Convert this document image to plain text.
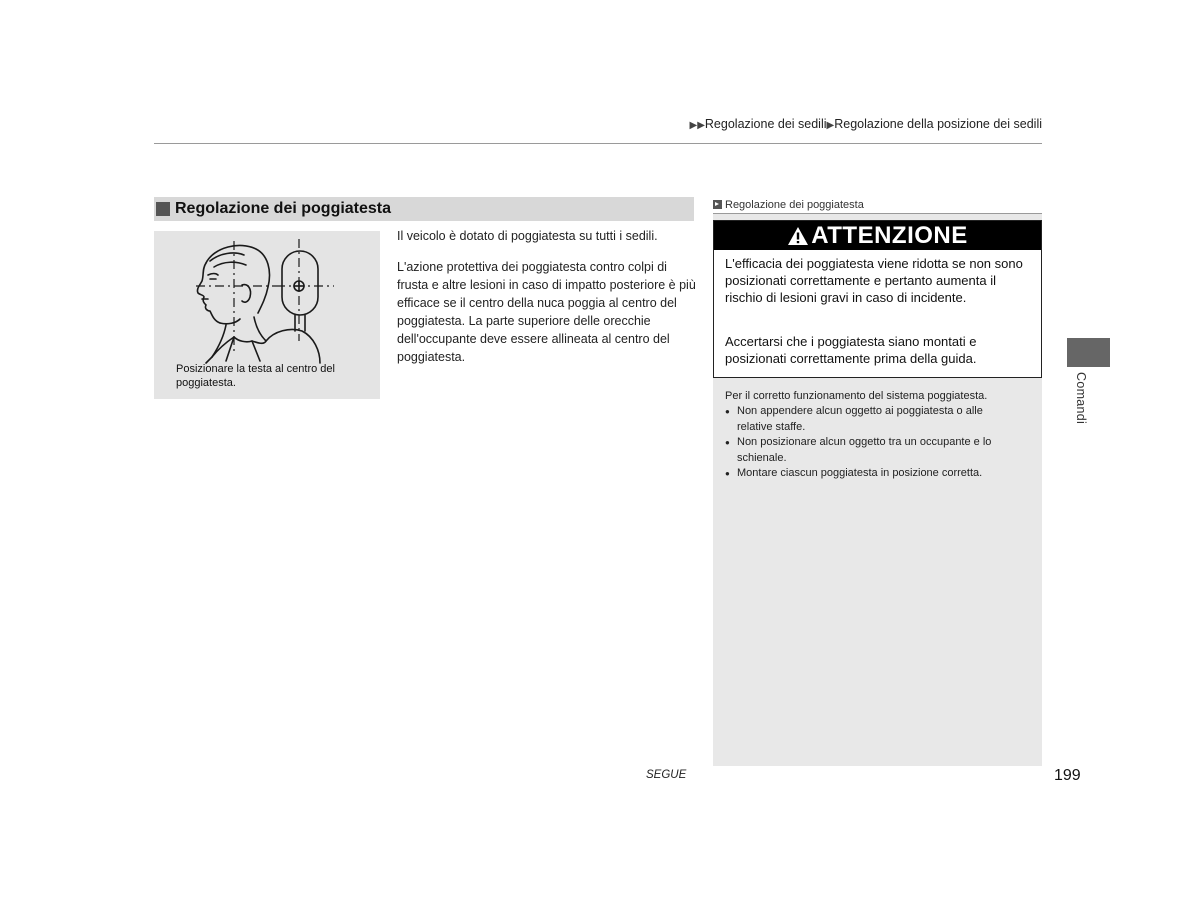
▶▶Regolazione dei sedili▶Regolazione della posizione dei sedili
Regolazione dei poggiatesta
Posizionare la testa al centro del poggiatesta.
Il veicolo è dotato di poggiatesta su tutti i sedili.
L'azione protettiva dei poggiatesta contro colpi di frusta e altre lesioni in caso di impatto posteriore è più efficace se il centro della nuca poggia al centro del poggiatesta. La parte superiore delle orecchie dell'occupante deve essere allineata al centro del poggiatesta.
Regolazione dei poggiatesta
ATTENZIONE
L'efficacia dei poggiatesta viene ridotta se non sono posizionati correttamente e pertanto aumenta il rischio di lesioni gravi in caso di incidente.
Accertarsi che i poggiatesta siano montati e posizionati correttamente prima della guida.
Per il corretto funzionamento del sistema poggiatesta.
● Non appendere alcun oggetto ai poggiatesta o alle relative staffe.
● Non posizionare alcun oggetto tra un occupante e lo schienale.
● Montare ciascun poggiatesta in posizione corretta.
Comandi
SEGUE	199
